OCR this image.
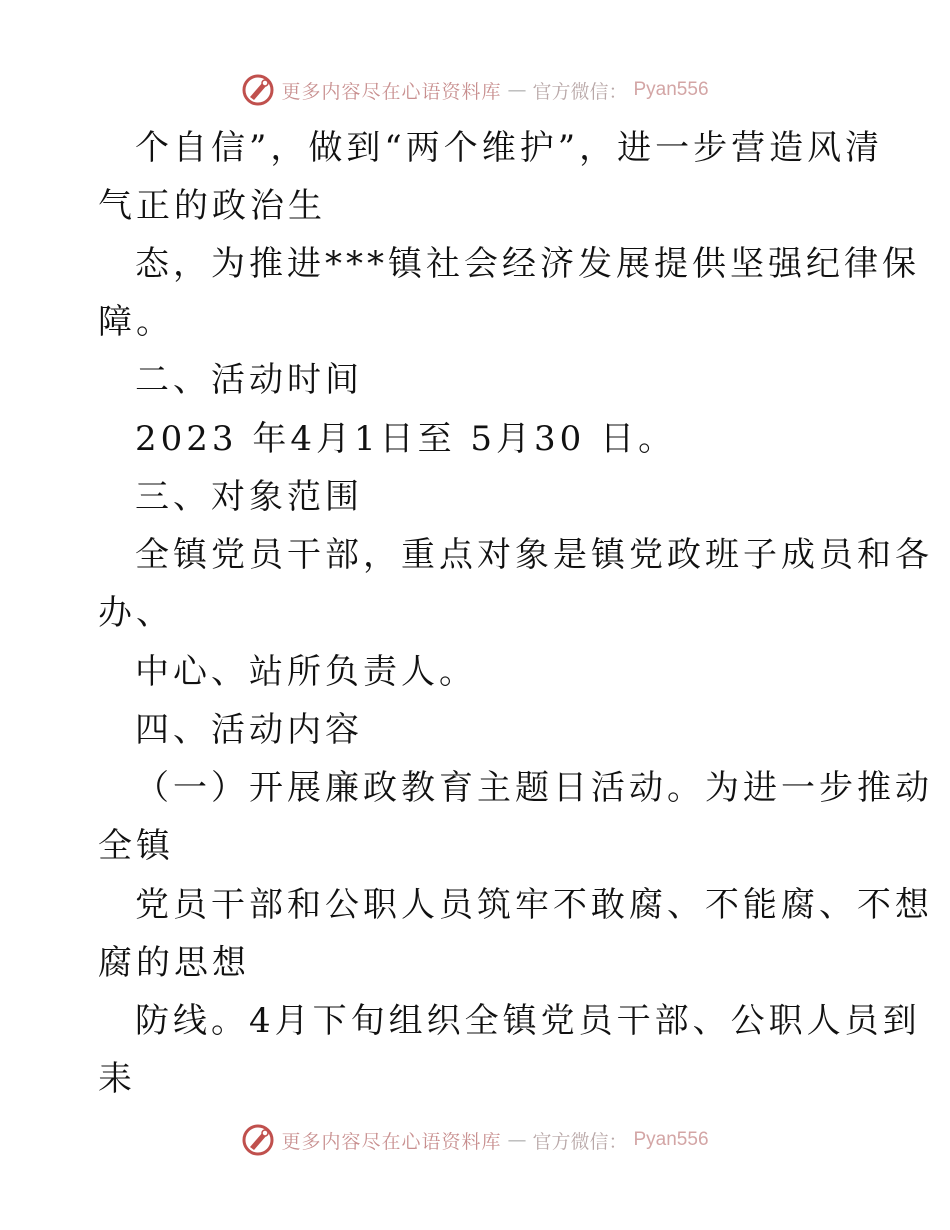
更多内容尽在心语资料库 — 官方微信： Pyan556
个自信”，做到“两个维护”，进一步营造风清
气正的政治生
态，为推进***镇社会经济发展提供坚强纪律保
障。
二、活动时间
2023 年4月1日至 5月30 日。
三、对象范围
全镇党员干部，重点对象是镇党政班子成员和各
办、
中心、站所负责人。
四、活动内容
（一）开展廉政教育主题日活动。为进一步推动
全镇
党员干部和公职人员筑牢不敢腐、不能腐、不想
腐的思想
防线。4月下旬组织全镇党员干部、公职人员到
耒
更多内容尽在心语资料库 — 官方微信： Pyan556
